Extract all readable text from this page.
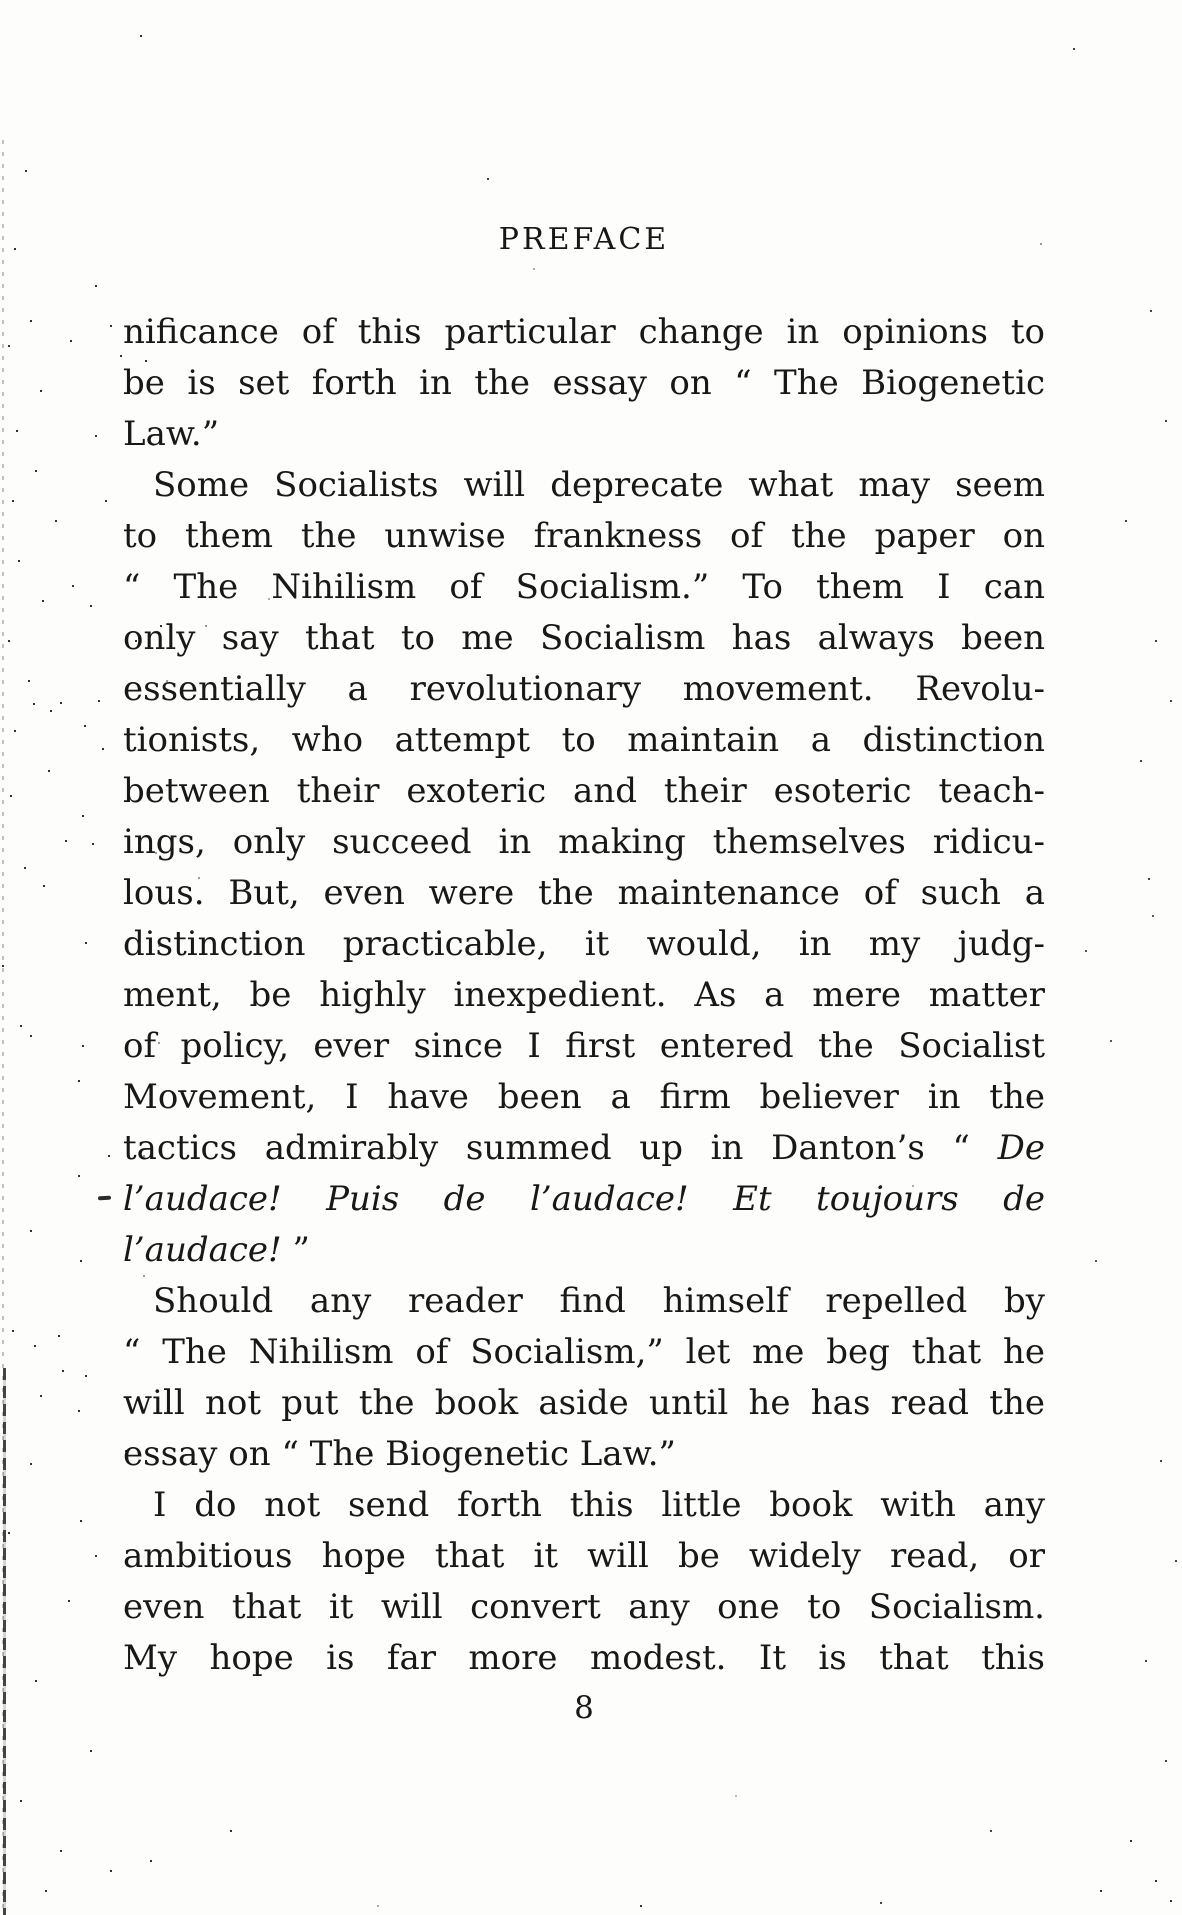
PREFACE
nificance of this particular change in opinions to
be is set forth in the essay on “ The Biogenetic
Law.”
Some Socialists will deprecate what may seem
to them the unwise frankness of the paper on
“ The Nihilism of Socialism.” To them I can
only say that to me Socialism has always been
essentially a revolutionary movement. Revolu-
tionists, who attempt to maintain a distinction
between their exoteric and their esoteric teach-
ings, only succeed in making themselves ridicu-
lous. But, even were the maintenance of such a
distinction practicable, it would, in my judg-
ment, be highly inexpedient. As a mere matter
of policy, ever since I first entered the Socialist
Movement, I have been a firm believer in the
tactics admirably summed up in Danton’s “ De
l’audace! Puis de l’audace! Et toujours de
l’audace! ”
Should any reader find himself repelled by
“ The Nihilism of Socialism,” let me beg that he
will not put the book aside until he has read the
essay on “ The Biogenetic Law.”
I do not send forth this little book with any
ambitious hope that it will be widely read, or
even that it will convert any one to Socialism.
My hope is far more modest. It is that this
8
